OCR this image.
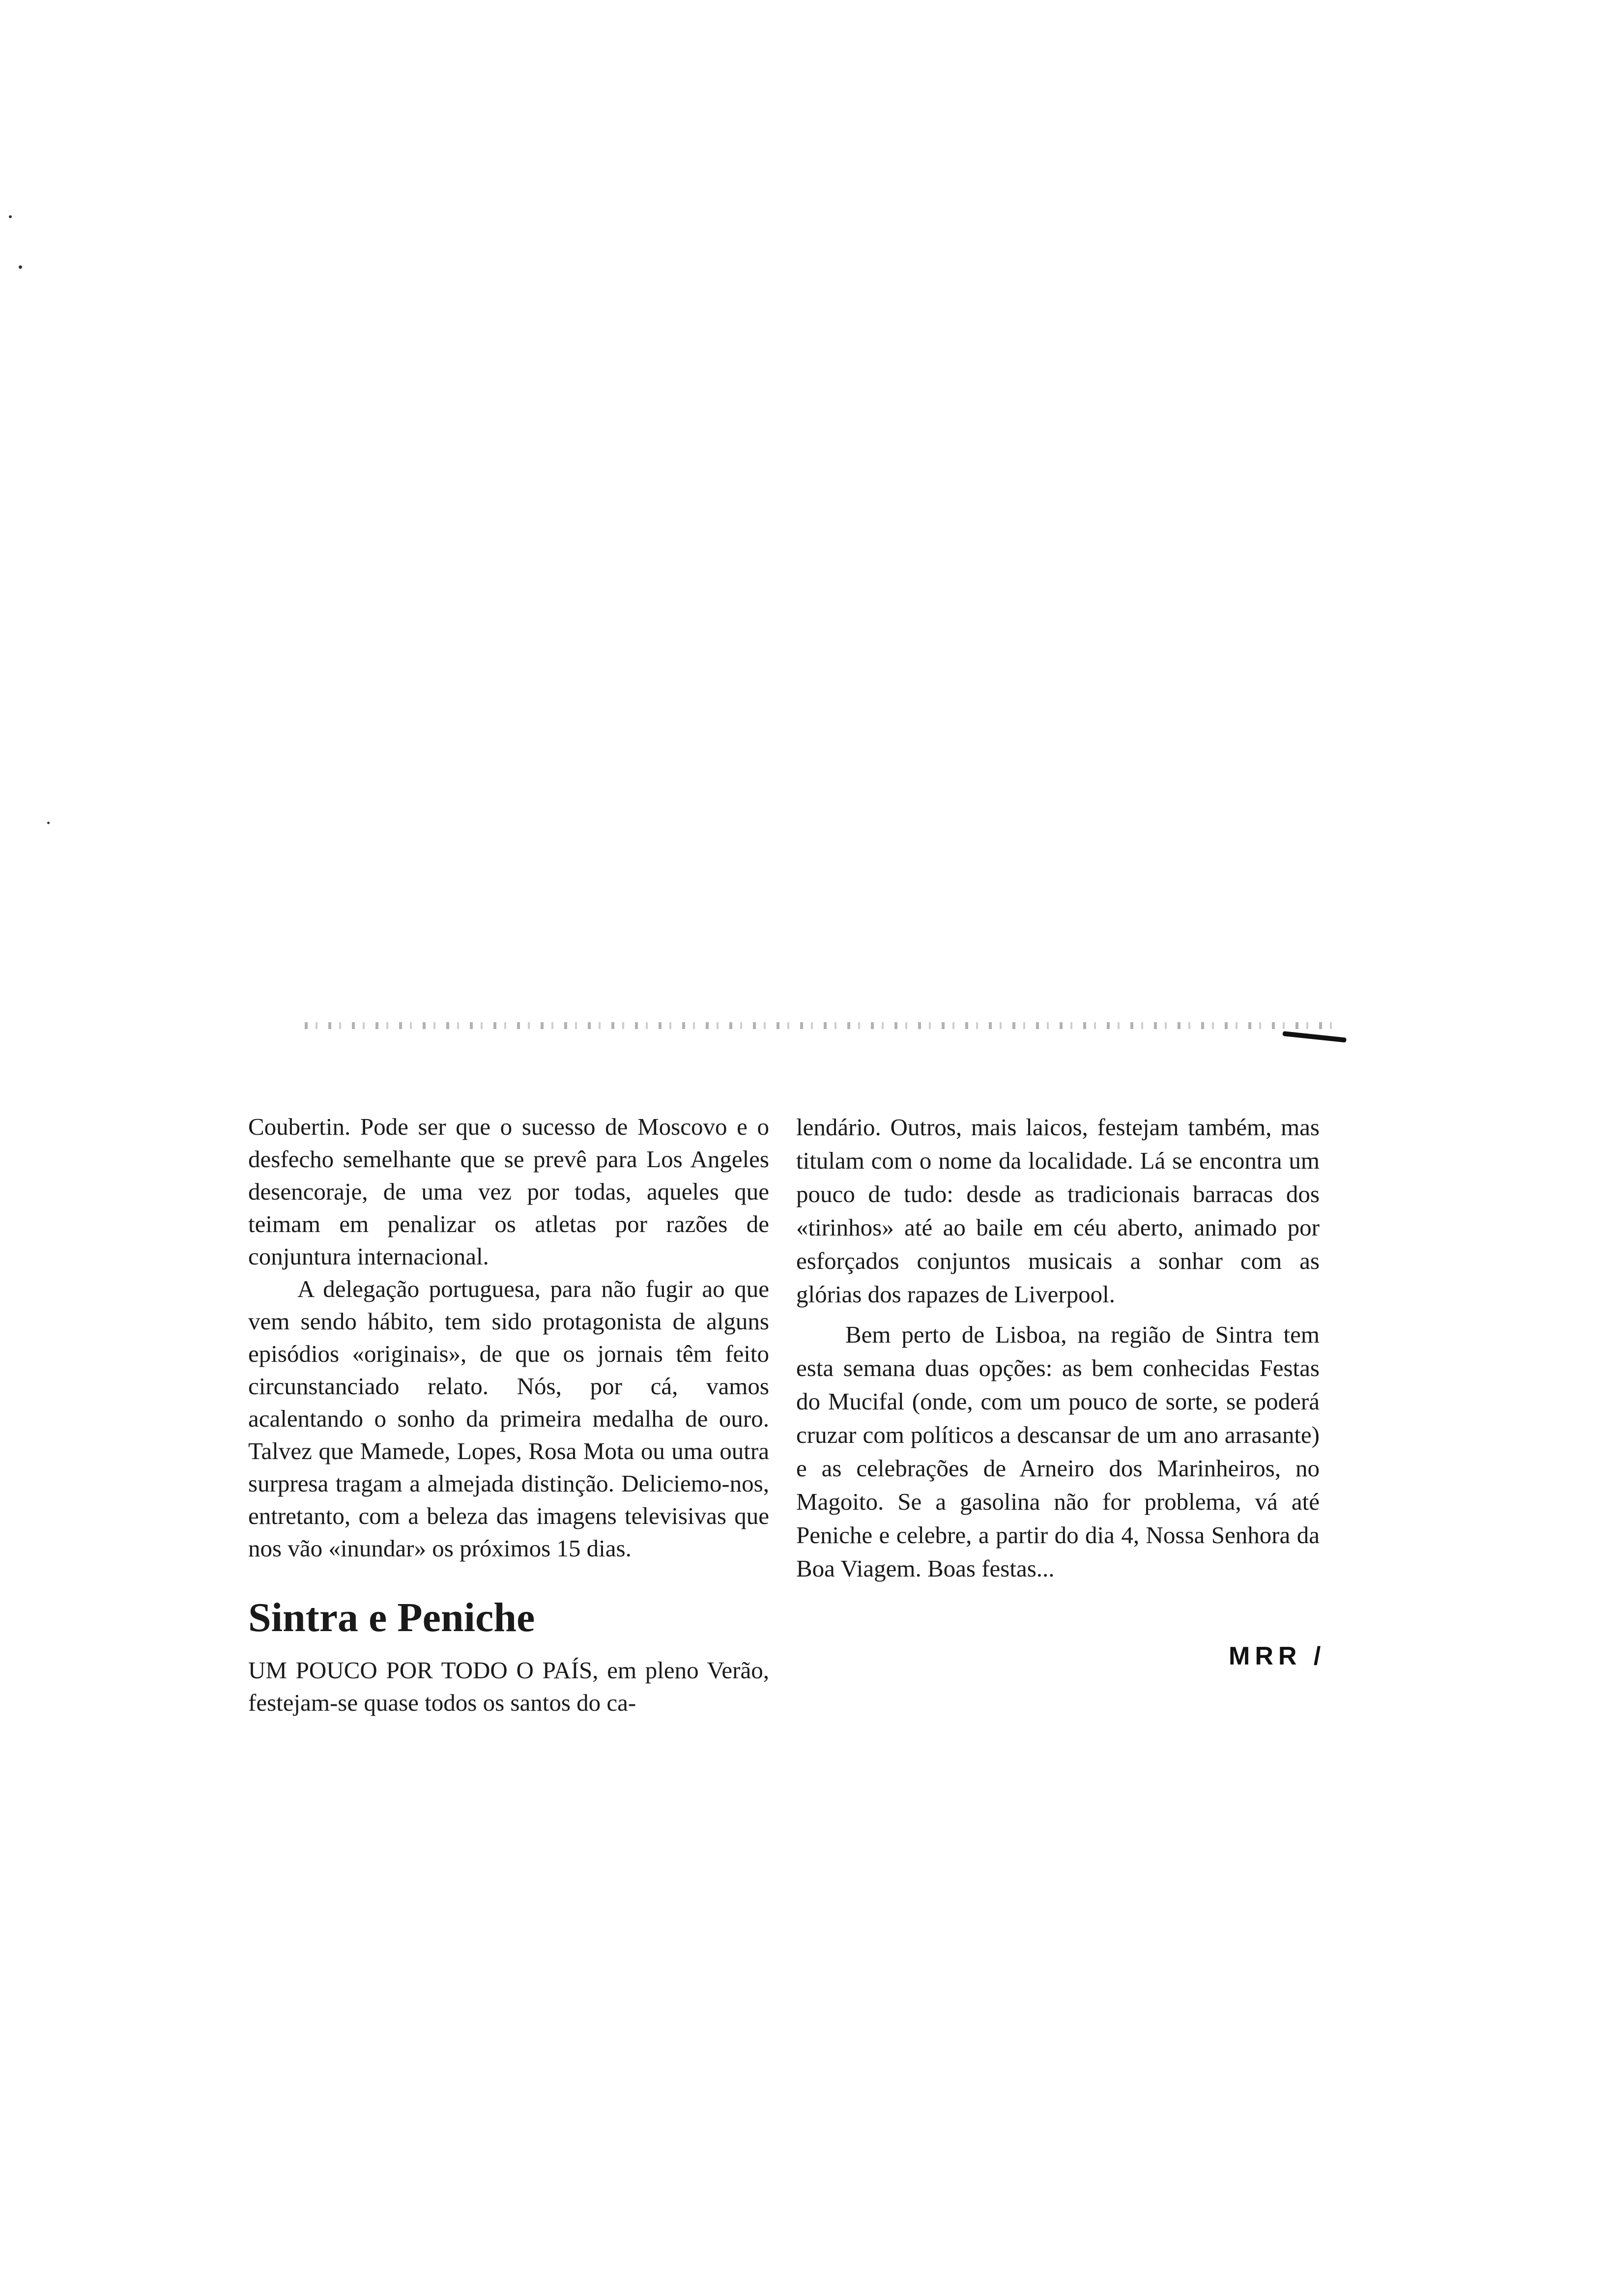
Coubertin. Pode ser que o sucesso de Moscovo e o desfecho semelhante que se prevê para Los Angeles desencoraje, de uma vez por todas, aqueles que teimam em penalizar os atletas por razões de conjuntura internacional.

A delegação portuguesa, para não fugir ao que vem sendo hábito, tem sido protagonista de alguns episódios «originais», de que os jornais têm feito circunstanciado relato. Nós, por cá, vamos acalentando o sonho da primeira medalha de ouro. Talvez que Mamede, Lopes, Rosa Mota ou uma outra surpresa tragam a almejada distinção. Deliciemo-nos, entretanto, com a beleza das imagens televisivas que nos vão «inundar» os próximos 15 dias.

Sintra e Peniche

UM POUCO POR TODO O PAÍS, em pleno Verão, festejam-se quase todos os santos do ca-

lendário. Outros, mais laicos, festejam também, mas titulam com o nome da localidade. Lá se encontra um pouco de tudo: desde as tradicionais barracas dos «tirinhos» até ao baile em céu aberto, animado por esforçados conjuntos musicais a sonhar com as glórias dos rapazes de Liverpool.

Bem perto de Lisboa, na região de Sintra tem esta semana duas opções: as bem conhecidas Festas do Mucifal (onde, com um pouco de sorte, se poderá cruzar com políticos a descansar de um ano arrasante) e as celebrações de Arneiro dos Marinheiros, no Magoito. Se a gasolina não for problema, vá até Peniche e celebre, a partir do dia 4, Nossa Senhora da Boa Viagem. Boas festas...

MRR /
